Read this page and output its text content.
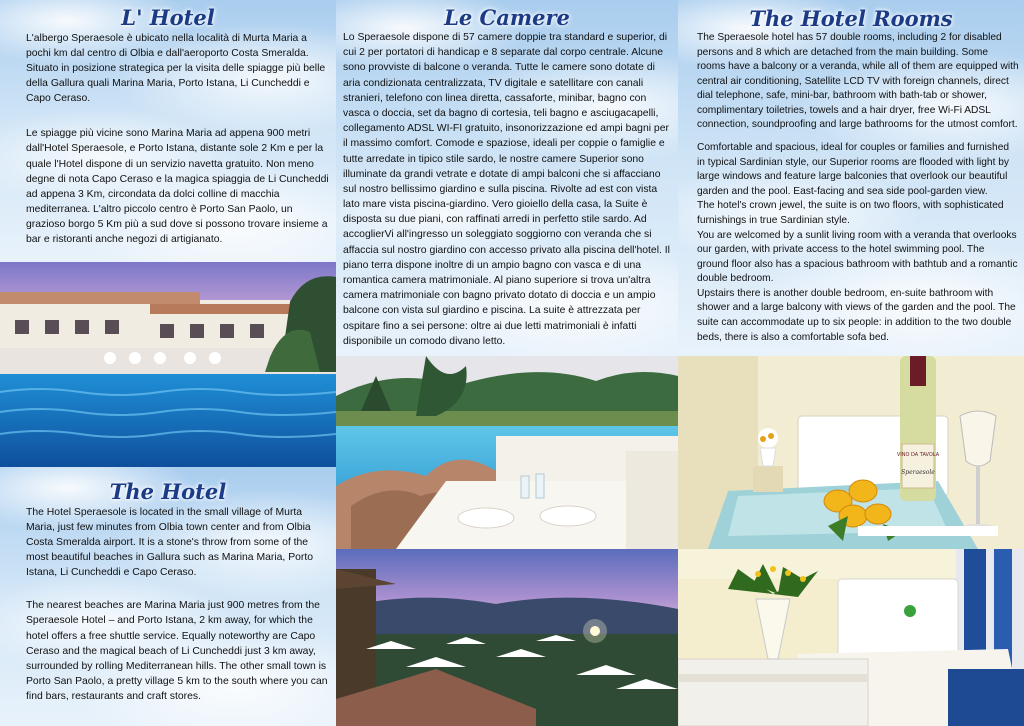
L' Hotel

L'albergo Speraesole è ubicato nella località di Murta Maria a pochi km dal centro di Olbia e dall'aeroporto Costa Smeralda. Situato in posizione strategica per la visita delle spiagge più belle della Gallura quali Marina Maria, Porto Istana, Li Cuncheddi e Capo Ceraso.

Le spiagge più vicine sono Marina Maria ad appena 900 metri dall'Hotel Speraesole, e Porto Istana, distante sole 2 Km e per la quale l'Hotel dispone di un servizio navetta gratuito. Non meno degne di nota Capo Ceraso e la magica spiaggia de Li Cuncheddi ad appena 3 Km, circondata da dolci colline di macchia mediterranea. L'altro piccolo centro è Porto San Paolo, un grazioso borgo 5 Km più a sud dove si possono trovare insieme a bar e ristoranti anche negozi di artigianato.

The Hotel

The Hotel Speraesole is located in the small village of Murta Maria, just few minutes from Olbia town center and from Olbia Costa Smeralda airport. It is a stone's throw from some of the most beautiful beaches in Gallura such as Marina Maria, Porto Istana, Li Cuncheddi e Capo Ceraso.

The nearest beaches are Marina Maria just 900 metres from the Speraesole Hotel – and Porto Istana, 2 km away, for which the hotel offers a free shuttle service. Equally noteworthy are Capo Ceraso and the magical beach of Li Cuncheddi just 3 km away, surrounded by rolling Mediterranean hills. The other small town is Porto San Paolo, a pretty village 5 km to the south where you can find bars, restaurants and craft stores.

Le Camere

Lo Speraesole dispone di 57 camere doppie tra standard e superior, di cui 2 per portatori di handicap e 8 separate dal corpo centrale. Alcune sono provviste di balcone o veranda. Tutte le camere sono dotate di aria condizionata centralizzata, TV digitale e satellitare con canali stranieri, telefono con linea diretta, cassaforte, minibar, bagno con vasca o doccia, set da bagno di cortesia, teli bagno e asciugacapelli, collegamento ADSL WI-FI gratuito, insonorizzazione ed ampi bagni per il massimo comfort. Comode e spaziose, ideali per coppie o famiglie e tutte arredate in tipico stile sardo, le nostre camere Superior sono illuminate da grandi vetrate e dotate di ampi balconi che si affacciano sul nostro bellissimo giardino e sulla piscina. Rivolte ad est con vista lato mare vista piscina-giardino. Vero gioiello della casa, la Suite è disposta su due piani, con raffinati arredi in perfetto stile sardo. Ad accoglierVi all'ingresso un soleggiato soggiorno con veranda che si affaccia sul nostro giardino con accesso privato alla piscina dell'hotel. Il piano terra dispone inoltre di un ampio bagno con vasca e di una romantica camera matrimoniale. Al piano superiore si trova un'altra camera matrimoniale con bagno privato dotato di doccia e un ampio balcone con vista sul giardino e piscina. La suite è attrezzata per ospitare fino a sei persone: oltre ai due letti matrimoniali è infatti disponibile un comodo divano letto.

The Hotel Rooms

The Speraesole hotel has 57 double rooms, including 2 for disabled persons and 8 which are detached from the main building. Some rooms have a balcony or a veranda, while all of them are equipped with central air conditioning, Satellite LCD TV with foreign channels, direct dial telephone, safe, mini-bar, bathroom with bath-tab or shower, complimentary toiletries, towels and a hair dryer, free Wi-Fi ADSL connection, soundproofing and large bathrooms for the utmost comfort.

Comfortable and spacious, ideal for couples or families and furnished in typical Sardinian style, our Superior rooms are flooded with light by large windows and feature large balconies that overlook our beautiful garden and the pool. East-facing and sea side pool-garden view.

The hotel's crown jewel, the suite is on two floors, with sophisticated furnishings in true Sardinian style.

You are welcomed by a sunlit living room with a veranda that overlooks our garden, with private access to the hotel swimming pool. The ground floor also has a spacious bathroom with bathtub and a romantic double bedroom.

Upstairs there is another double bedroom, en-suite bathroom with shower and a large balcony with views of the garden and the pool. The suite can accommodate up to six people: in addition to the two double beds, there is also a comfortable sofa bed.

VINO DA TAVOLA
Speraesole
